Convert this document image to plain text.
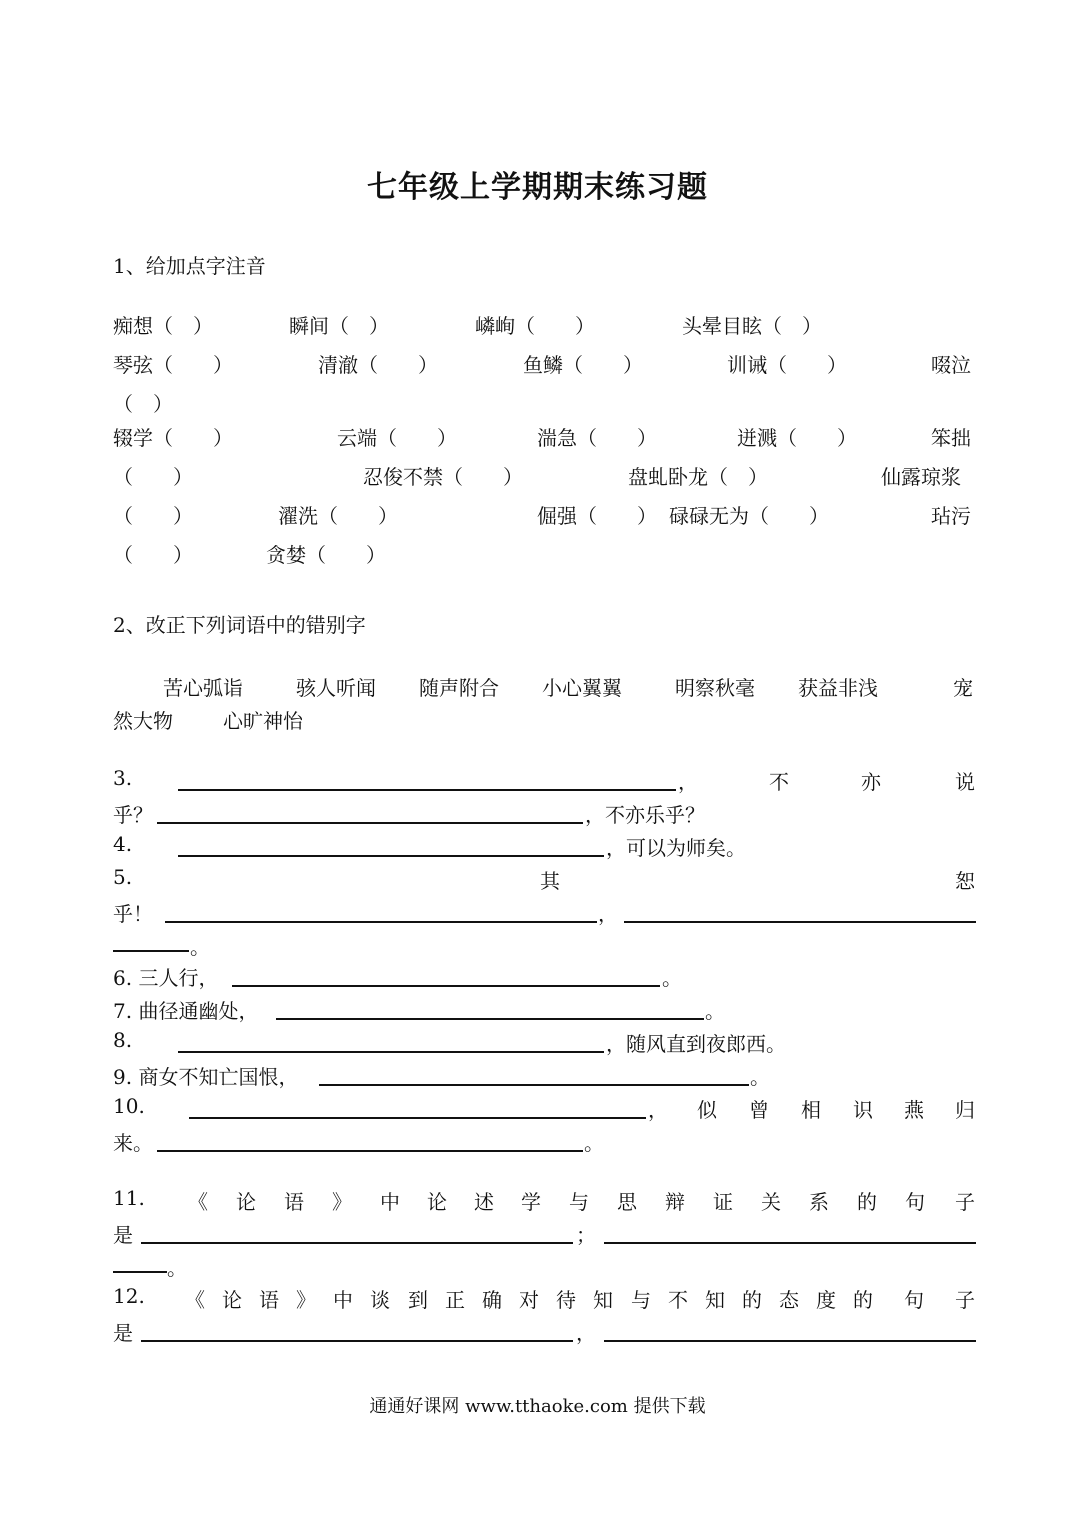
七年级上学期期末练习题
1、给加点字注音
痴想（　）	瞬间（　）	嶙峋（　　）	头晕目眩（　）
琴弦（　　）	清澈（　　）	鱼鳞（　　）	训诫（　　）	啜泣
（　）
辍学（　　）	云端（　　）	湍急（　　）	迸溅（　　）	笨拙
（　　）	忍俊不禁（　　）	盘虬卧龙（　）	仙露琼浆
（　　）	濯洗（　　）	倔强（　　） 碌碌无为（　　）	玷污
（　　）	贪婪（　　）
2、改正下列词语中的错别字
苦心弧诣	骇人听闻 随声附合 小心翼翼	明察秋毫 获益非浅	宠
然大物	心旷神怡
3.	，	不	亦	说
乎？	，不亦乐乎？
4.	，可以为师矣。
5.	其	恕
乎！	，
。
6. 三人行，	。
7. 曲径通幽处，	。
8.	，随风直到夜郎西。
9. 商女不知亡国恨，	。
10.	， 似 曾 相 识 燕 归
来。	。
11. 《 论 语 》 中 论 述 学 与 思 辩 证 关 系 的 句 子
是	；
。
12. 《 论 语 》 中 谈 到 正 确 对 待 知 与 不 知 的 态 度 的 句 子
是	，
通通好课网 www.tthaoke.com 提供下载
